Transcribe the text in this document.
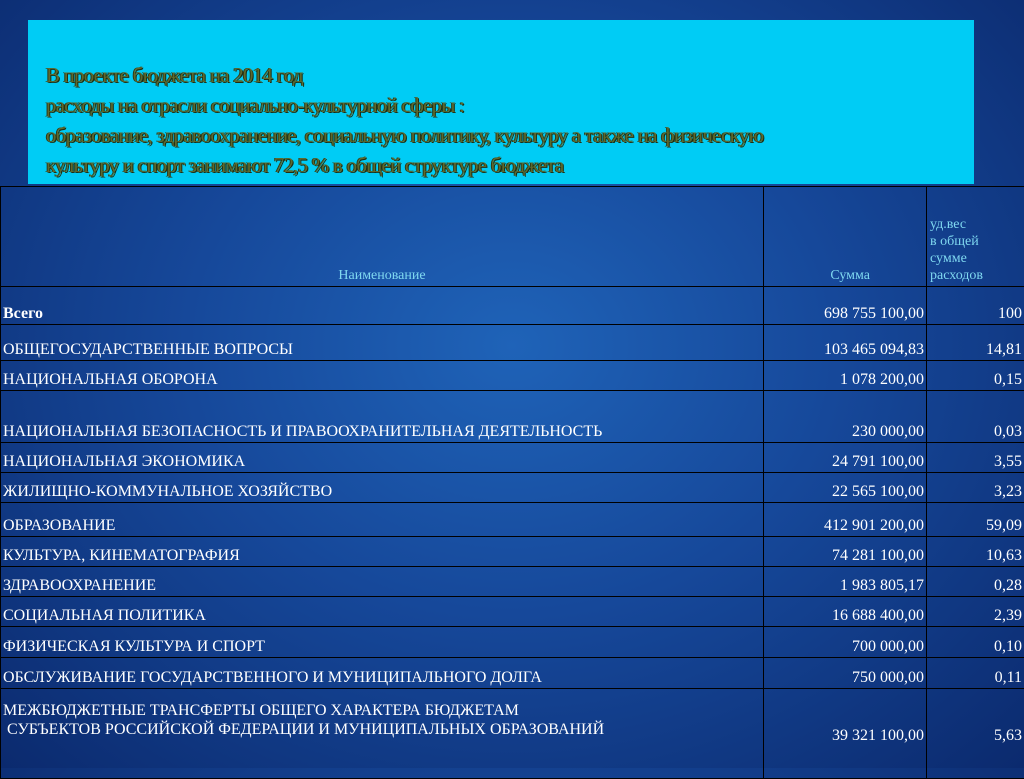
В проекте бюджета на 2014 год
расходы на отрасли социально-культурной сферы :
образование, здравоохранение, социальную политику, культуру а также на физическую
культуру и спорт занимают 72,5 % в общей структуре бюджета
Наименование	Сумма	уд.вес
в общей
сумме
расходов
Всего	698 755 100,00	100
ОБЩЕГОСУДАРСТВЕННЫЕ ВОПРОСЫ	103 465 094,83	14,81
НАЦИОНАЛЬНАЯ ОБОРОНА	1 078 200,00	0,15
НАЦИОНАЛЬНАЯ БЕЗОПАСНОСТЬ И ПРАВООХРАНИТЕЛЬНАЯ ДЕЯТЕЛЬНОСТЬ	230 000,00	0,03
НАЦИОНАЛЬНАЯ ЭКОНОМИКА	24 791 100,00	3,55
ЖИЛИЩНО-КОММУНАЛЬНОЕ ХОЗЯЙСТВО	22 565 100,00	3,23
ОБРАЗОВАНИЕ	412 901 200,00	59,09
КУЛЬТУРА, КИНЕМАТОГРАФИЯ	74 281 100,00	10,63
ЗДРАВООХРАНЕНИЕ	1 983 805,17	0,28
СОЦИАЛЬНАЯ ПОЛИТИКА	16 688 400,00	2,39
ФИЗИЧЕСКАЯ КУЛЬТУРА И СПОРТ	700 000,00	0,10
ОБСЛУЖИВАНИЕ ГОСУДАРСТВЕННОГО И МУНИЦИПАЛЬНОГО ДОЛГА	750 000,00	0,11
МЕЖБЮДЖЕТНЫЕ ТРАНСФЕРТЫ ОБЩЕГО ХАРАКТЕРА БЮДЖЕТАМ
СУБЪЕКТОВ РОССИЙСКОЙ ФЕДЕРАЦИИ И МУНИЦИПАЛЬНЫХ ОБРАЗОВАНИЙ	39 321 100,00	5,63
